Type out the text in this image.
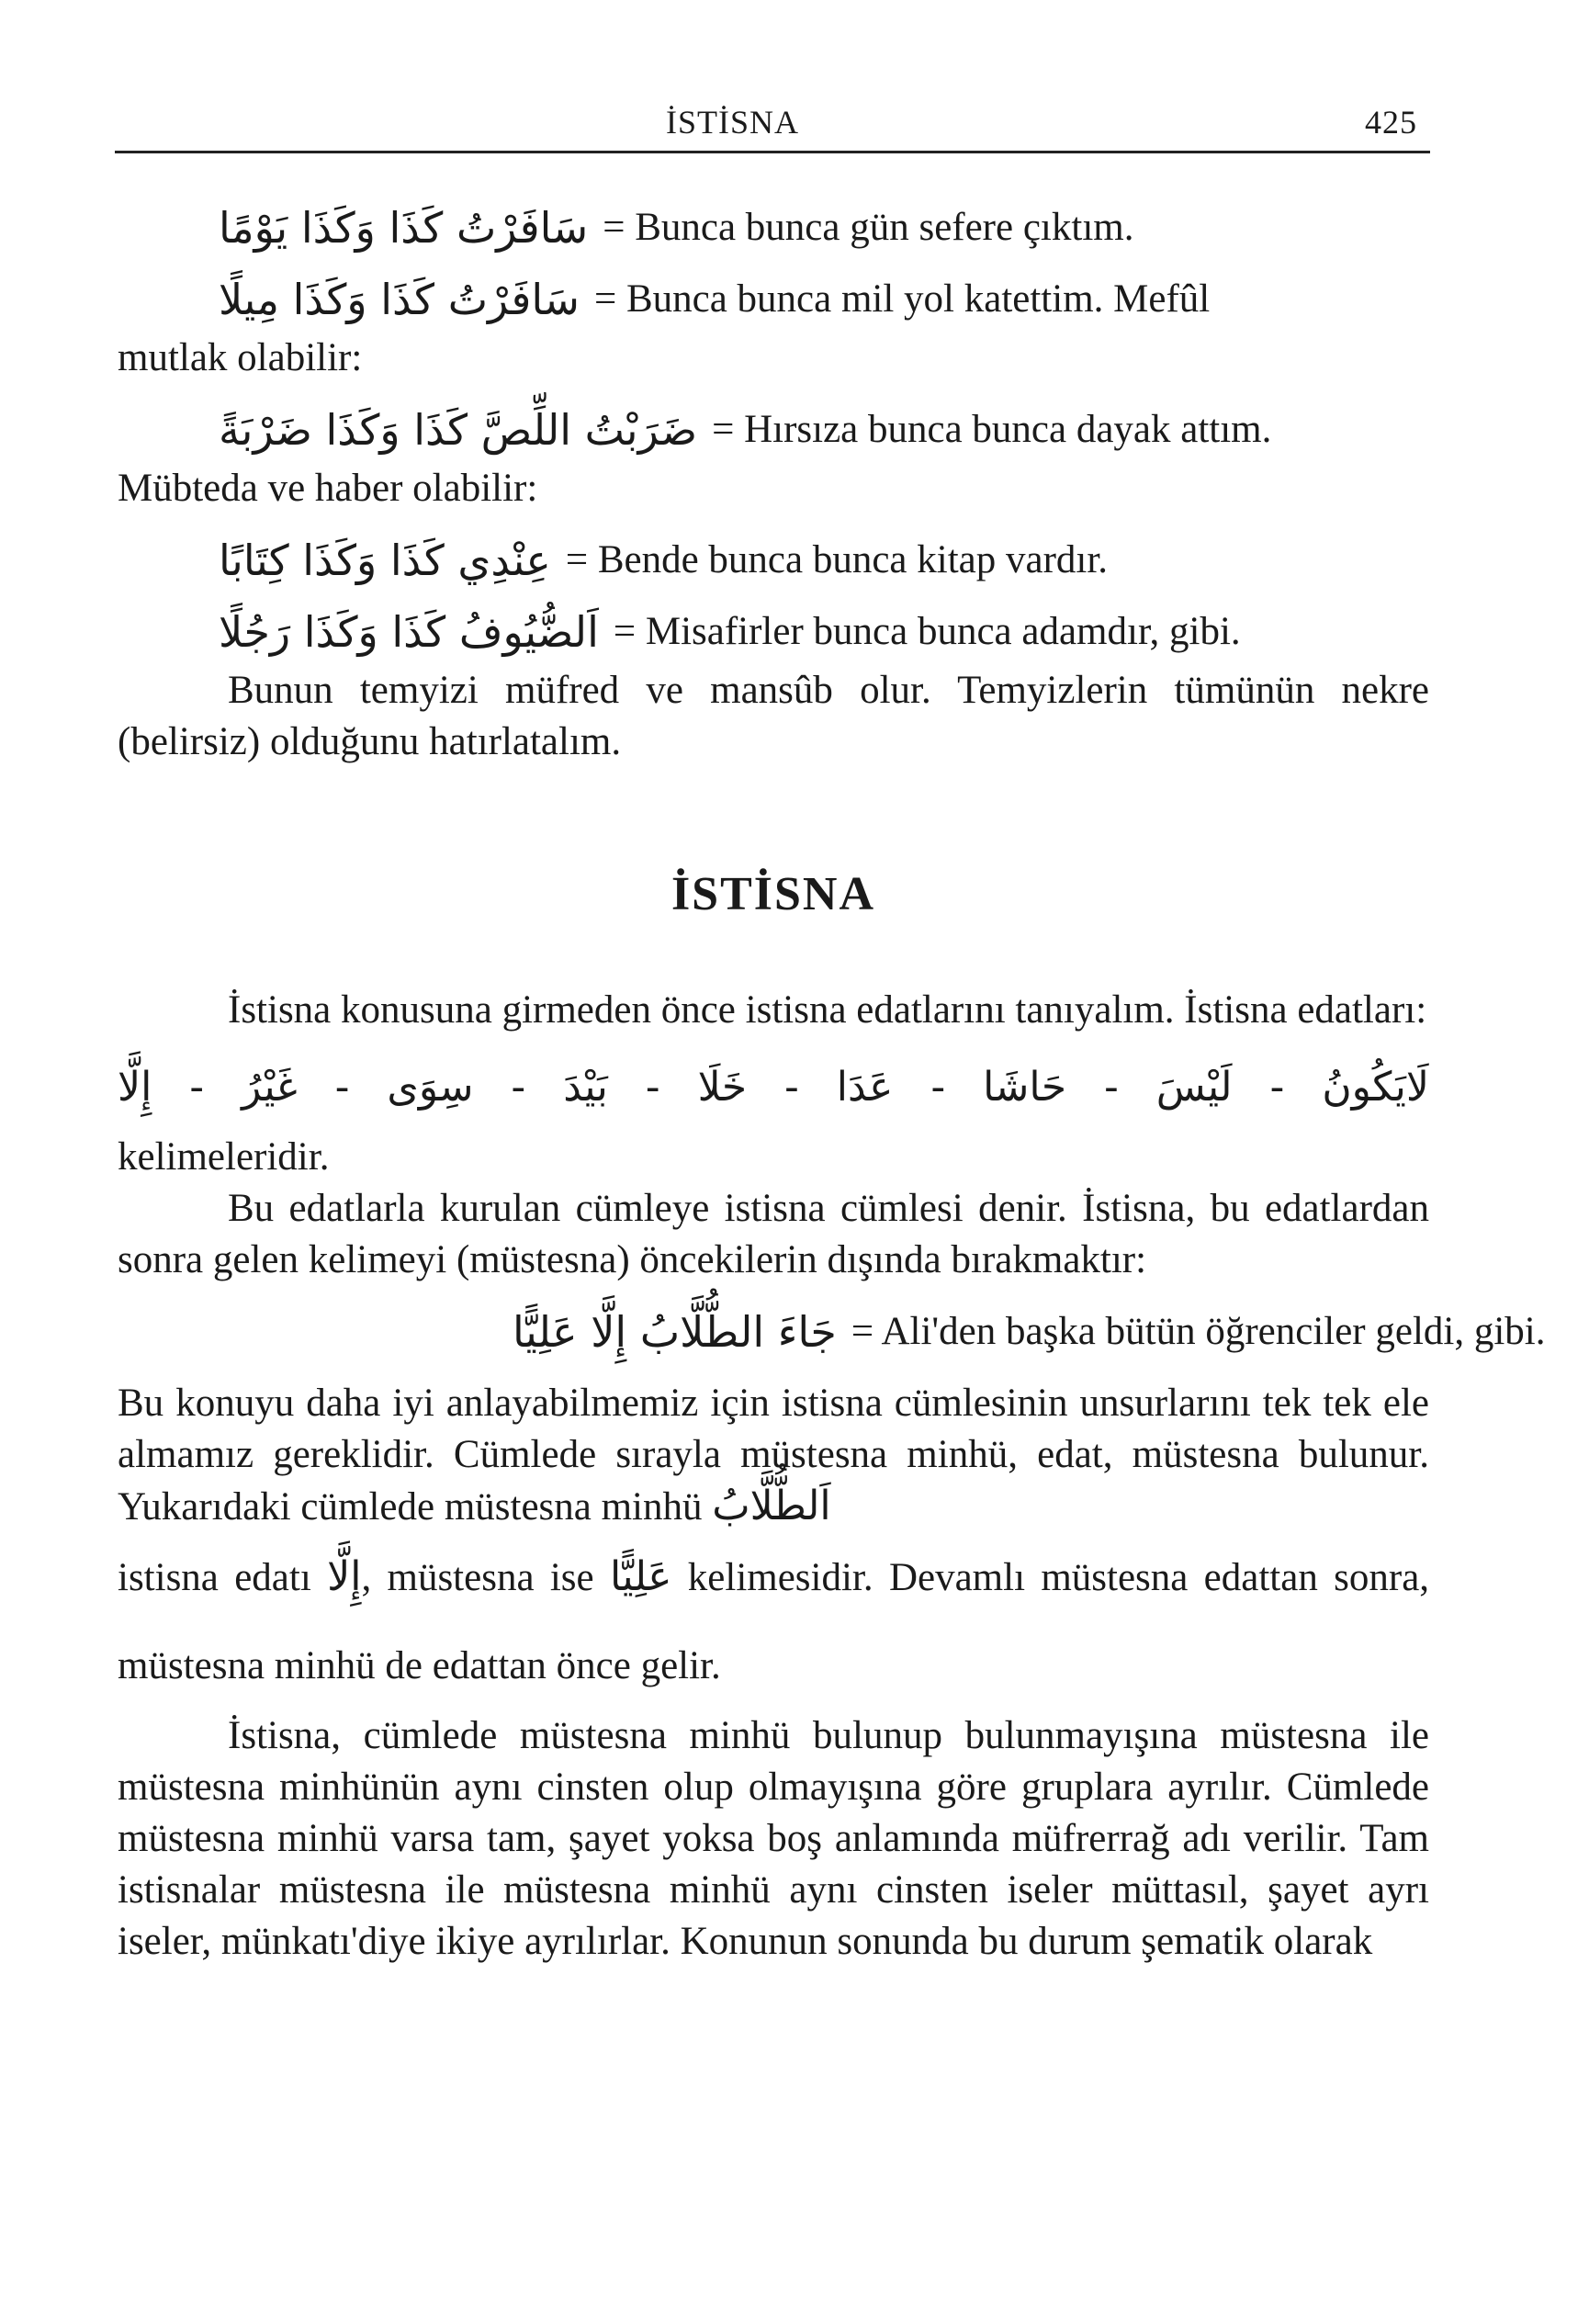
İSTİSNA	425
سَافَرْتُ كَذَا وَكَذَا يَوْمًا = Bunca bunca gün sefere çıktım.
سَافَرْتُ كَذَا وَكَذَا مِيلًا = Bunca bunca mil yol katettim. Mefûl

mutlak olabilir:

ضَرَبْتُ اللِّصَّ كَذَا وَكَذَا ضَرْبَةً = Hırsıza bunca bunca dayak attım.

Mübteda ve haber olabilir:

عِنْدِي كَذَا وَكَذَا كِتَابًا = Bende bunca bunca kitap vardır.
اَلضُّيُوفُ كَذَا وَكَذَا رَجُلًا = Misafirler bunca bunca adamdır, gibi.

Bunun temyizi müfred ve mansûb olur. Temyizlerin tümünün nekre (belirsiz) olduğunu hatırlatalım.

İSTİSNA

İstisna konusuna girmeden önce istisna edatlarını tanıyalım. İstisna edatları:

لَايَكُونُ - لَيْسَ - حَاشَا - عَدَا - خَلَا - بَيْدَ - سِوَى - غَيْرُ - إِلَّا

kelimeleridir.

Bu edatlarla kurulan cümleye istisna cümlesi denir. İstisna, bu edatlardan sonra gelen kelimeyi (müstesna) öncekilerin dışında bırakmaktır:

جَاءَ الطُّلَّابُ إِلَّا عَلِيًّا = Ali'den başka bütün öğrenciler geldi, gibi.

Bu konuyu daha iyi anlayabilmemiz için istisna cümlesinin unsurlarını tek tek ele almamız gereklidir. Cümlede sırayla müstesna minhü, edat, müstesna bulunur. Yukarıdaki cümlede müstesna minhü اَلطُّلَّابُ

istisna edatı إِلَّا, müstesna ise عَلِيًّا kelimesidir. Devamlı müstesna edattan sonra, müstesna minhü de edattan önce gelir.

İstisna, cümlede müstesna minhü bulunup bulunmayışına müstesna ile müstesna minhünün aynı cinsten olup olmayışına göre gruplara ayrılır. Cümlede müstesna minhü varsa tam, şayet yoksa boş anlamında müfrerrağ adı verilir. Tam istisnalar müstesna ile müstesna minhü aynı cinsten iseler müttasıl, şayet ayrı iseler, münkatı'diye ikiye ayrılırlar. Konunun sonunda bu durum şematik olarak
